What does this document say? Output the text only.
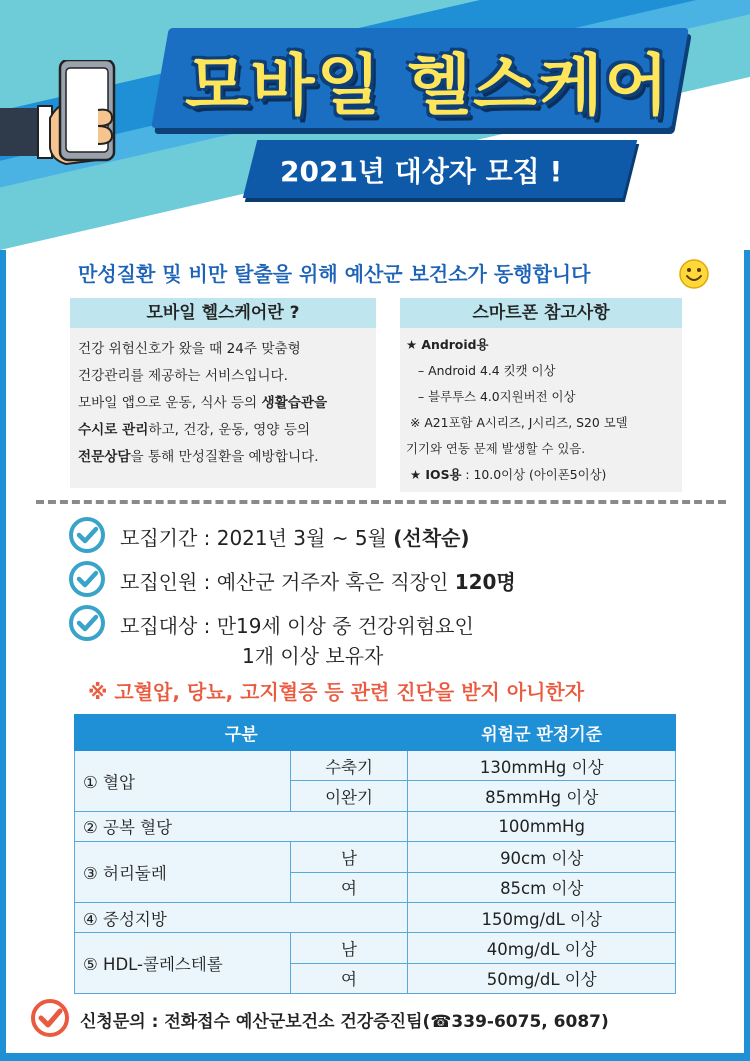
모바일 헬스케어
2021년 대상자 모집 !
만성질환 및 비만 탈출을 위해 예산군 보건소가 동행합니다
모바일 헬스케어란 ?
건강 위험신호가 왔을 때 24주 맞춤형
건강관리를 제공하는 서비스입니다.
모바일 앱으로 운동, 식사 등의 생활습관을
수시로 관리하고, 건강, 운동, 영양 등의
전문상담을 통해 만성질환을 예방합니다.
스마트폰 참고사항
★ Android용
– Android 4.4 킷캣 이상
– 블루투스 4.0지원버전 이상
※ A21포함 A시리즈, J시리즈, S20 모델
기기와 연동 문제 발생할 수 있음.
★ IOS용 : 10.0이상 (아이폰5이상)
모집기간 : 2021년 3월 ~ 5월 (선착순)
모집인원 : 예산군 거주자 혹은 직장인 120명
모집대상 : 만19세 이상 중 건강위험요인
1개 이상 보유자
※ 고혈압, 당뇨, 고지혈증 등 관련 진단을 받지 아니한자
구분		위험군 판정기준
① 혈압	수축기	130mmHg 이상
	이완기	85mmHg 이상
② 공복 혈당		100mmHg
③ 허리둘레	남	90cm 이상
	여	85cm 이상
④ 중성지방		150mg/dL 이상
⑤ HDL-콜레스테롤	남	40mg/dL 이상
	여	50mg/dL 이상
신청문의 : 전화접수 예산군보건소 건강증진팀(☎339-6075, 6087)
